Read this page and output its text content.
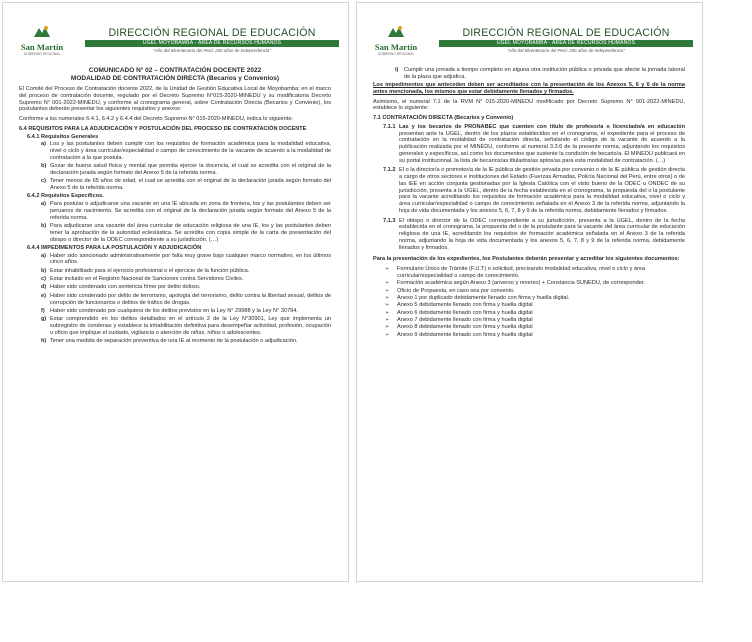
San Martín
GOBIERNO REGIONAL
DIRECCIÓN REGIONAL DE EDUCACIÓN
UGEL MOYOBAMBA - ÁREA DE RECURSOS HUMANOS
"Año del Bicentenario del Perú: 200 años de Independencia"
COMUNICADO N° 02 – CONTRATACIÓN DOCENTE 2022
MODALIDAD DE CONTRATACIÓN DIRECTA (Becarios y Convenios)

El Comité del Proceso de Contratación docente 2022, de la Unidad de Gestión Educativa Local de Moyobamba; en el marco del proceso de contratación docente, regulado por el Decreto Supremo N°015-2020-MINEDU y su modificatoria Decreto Supremo N° 001-2022-MINEDU, y conforme al cronograma general, sobre Contratación Directa (Becarios y Convenio), los postulantes deberán presentar los siguientes requisitos y anexos:

Conforme a los numerales 6.4.1, 6.4.2 y 6.4.4 del Decreto Supremo N° 015-2020-MINEDU, indica lo siguiente:

6.4 REQUISITOS PARA LA ADJUDICACIÓN Y POSTULACIÓN DEL PROCESO DE CONTRATACIÓN DOCENTE
6.4.1 Requisitos Generales
a) Los y las postulantes deben cumplir con los requisitos de formación académica para la modalidad educativa, nivel o ciclo y área curricular/especialidad o campo de conocimiento de la vacante de acuerdo a la modalidad de contratación a la que postula.
b) Gozar de buena salud física y mental que permita ejercer la docencia, el cual se acredita con el original de la declaración jurada según formato del Anexo 5 de la referida norma.
c) Tener menos de 65 años de edad, el cual se acredita con el original de la declaración jurada según formato del Anexo 5 de la referida norma.
6.4.2 Requisitos Específicos.
a) Para postular o adjudicarse una vacante en una IE ubicada en zona de frontera, los y las postulantes deben ser peruanos de nacimiento. Se acredita con el original de la declaración jurada según formato del Anexo 5 de la referida norma.
b) Para adjudicarse una vacante del área curricular de educación religiosa de una IE, los y las postulantes deben tener la aprobación de la autoridad eclesiástica. Se acredita con copia simple de la carta de presentación del obispo o director de la ODEC correspondiente a su jurisdicción. (…)
6.4.4 IMPEDIMENTOS PARA LA POSTULACIÓN Y ADJUDICACIÓN
a) Haber sido sancionado administrativamente por falta muy grave bajo cualquier marco normativo, en los últimos cinco años.
b) Estar inhabilitado para el ejercicio profesional o el ejercicio de la función pública.
c) Estar incluido en el Registro Nacional de Sanciones contra Servidores Civiles.
d) Haber sido condenado con sentencia firme por delito doloso.
e) Haber sido condenado por delito de terrorismo, apología del terrorismo, delito contra la libertad sexual, delitos de corrupción de funcionarios o delitos de tráfico de drogas.
f) Haber sido condenado por cualquiera de los delitos previstos en la Ley N° 29988 y la Ley N° 30794.
g) Estar comprendido en los delitos detallados en el artículo 2 de la Ley N°30901, Ley que implementa un subregistro de condenas y establece la inhabilitación definitiva para desempeñar actividad, profesión, ocupación u oficio que implique el cuidado, vigilancia o atención de niñas, niños o adolescentes.
h) Tener una medida de separación preventiva de una IE al momento de la postulación o adjudicación.
San Martín
GOBIERNO REGIONAL
DIRECCIÓN REGIONAL DE EDUCACIÓN
UGEL MOYOBAMBA - ÁREA DE RECURSOS HUMANOS
"Año del Bicentenario del Perú: 200 años de Independencia"
i) Cumplir una jornada a tiempo completo en alguna otra institución pública o privada que afecte la jornada laboral de la plaza que adjudica.

Los impedimentos que anteceden deben ser acreditados con la presentación de los Anexos 5, 6 y 6 de la norma antes mencionada, los mismos que estar debidamente llenados y firmados.

Asimismo, el numeral 7.1 de la RVM N° 015-2020-MINEDU modificado por Decreto Supremo N° 001-2022-MINEDU, establece lo siguiente:

7.1 CONTRATACIÓN DIRECTA (Becarios y Convenio)
7.1.1 Las y los becarios de PRONABEC que cuenten con título de profesor/a o licenciado/a en educación presentan ante la UGEL, dentro de los plazos establecidos en el cronograma, el expediente para el proceso de contratación en la modalidad de contratación directa, señalando el código de la vacante de acuerdo a la publicación realizada por el MINEDU, conforme al numeral 3.3.6 de la presente norma, adjuntando los requisitos generales y específicos, así como los documentos que sustente la condición de becario/a. El MINEDU publicará en su portal institucional, la lista de becarios/as titulados/as aptos/as para esta modalidad de contratación. (…)
7.1.2 El o la director/a o promotor/a de la IE pública de gestión privada por convenio o de la IE pública de gestión directa a cargo de otros sectores e instituciones del Estado (Fuerzas Armadas, Policía Nacional del Perú, entre otros) o de las IEE en acción conjunta gestionadas por la Iglesia Católica con el visto bueno de la ODEC u ONDEC de su jurisdicción, presenta a la UGEL, dentro de la fecha establecida en el cronograma, la propuesta del o la postulante para la vacante acreditando los requisitos de formación académica para la modalidad educativa, nivel o ciclo y área curricular/especialidad o campo de conocimiento señalada en el Anexo 3 de la referida norma, adjuntando la hoja de vida documentada y los anexos 5, 6, 7, 8 y 9 de la referida norma, debidamente llenados y firmados.
7.1.3 El obispo o director de la ODEC correspondiente a su jurisdicción, presenta a la UGEL, dentro de la fecha establecida en el cronograma, la propuesta del o de la postulante para la vacante del área curricular de educación religiosa de una IE, acreditando los requisitos de formación académica señalada en el Anexo 3 de la referida norma, adjuntando la hoja de vida documentada y los anexos 5, 6, 7, 8 y 9 de la referida norma, debidamente llenados y firmados.

Para la presentación de los expedientes, los Postulantes deberán presentar y acreditar los siguientes documentos:

➢ Formulario Único de Trámite (F.U.T) o solicitud, precisando modalidad educativa, nivel o ciclo y área curricular/especialidad o campo de conocimiento.
➢ Formación académica según Anexo 3 (anverso y reverso) + Constancia SUNEDU, de corresponder.
➢ Oficio de Propuesta, en caso sea por convenio.
➢ Anexo 1 por duplicado debidamente llenado con firma y huella digital.
➢ Anexo 5 debidamente llenado con firma y huella digital
➢ Anexo 6 debidamente llenado con firma y huella digital
➢ Anexo 7 debidamente llenado con firma y huella digital
➢ Anexo 8 debidamente llenado con firma y huella digital
➢ Anexo 9 debidamente llenado con firma y huella digital
